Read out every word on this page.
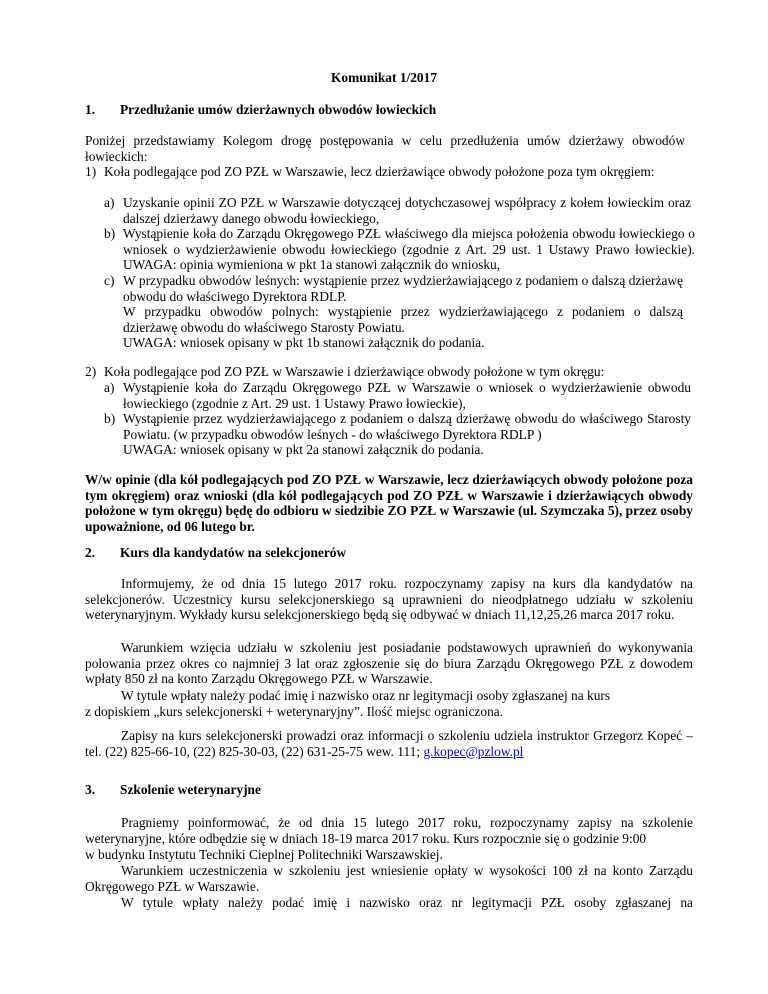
Komunikat 1/2017
1. Przedłużanie umów dzierżawnych obwodów łowieckich
Poniżej przedstawiamy Kolegom drogę postępowania w celu przedłużenia umów dzierżawy obwodów łowieckich:
1) Koła podlegające pod ZO PZŁ w Warszawie, lecz dzierżawiące obwody położone poza tym okręgiem:
a) Uzyskanie opinii ZO PZŁ w Warszawie dotyczącej dotychczasowej współpracy z kołem łowieckim oraz dalszej dzierżawy danego obwodu łowieckiego,
b) Wystąpienie koła do Zarządu Okręgowego PZŁ właściwego dla miejsca położenia obwodu łowieckiego o wniosek o wydzierżawienie obwodu łowieckiego (zgodnie z Art. 29 ust. 1 Ustawy Prawo łowieckie). UWAGA: opinia wymieniona w pkt 1a stanowi załącznik do wniosku,
c) W przypadku obwodów leśnych: wystąpienie przez wydzierżawiającego z podaniem o dalszą dzierżawę obwodu do właściwego Dyrektora RDLP.
W przypadku obwodów polnych: wystąpienie przez wydzierżawiającego z podaniem o dalszą dzierżawę obwodu do właściwego Starosty Powiatu.
UWAGA: wniosek opisany w pkt 1b stanowi załącznik do podania.
2) Koła podlegające pod ZO PZŁ w Warszawie i dzierżawiące obwody położone w tym okręgu:
a) Wystąpienie koła do Zarządu Okręgowego PZŁ w Warszawie o wniosek o wydzierżawienie obwodu łowieckiego (zgodnie z Art. 29 ust. 1 Ustawy Prawo łowieckie),
b) Wystąpienie przez wydzierżawiającego z podaniem o dalszą dzierżawę obwodu do właściwego Starosty Powiatu. (w przypadku obwodów leśnych - do właściwego Dyrektora RDLP )
UWAGA: wniosek opisany w pkt 2a stanowi załącznik do podania.
W/w opinie (dla kół podlegających pod ZO PZŁ w Warszawie, lecz dzierżawiących obwody położone poza tym okręgiem) oraz wnioski (dla kół podlegających pod ZO PZŁ w Warszawie i dzierżawiących obwody położone w tym okręgu) będę do odbioru w siedzibie ZO PZŁ w Warszawie (ul. Szymczaka 5), przez osoby upoważnione, od 06 lutego br.
2. Kurs dla kandydatów na selekcjonerów
Informujemy, że od dnia 15 lutego 2017 roku. rozpoczynamy zapisy na kurs dla kandydatów na selekcjonerów. Uczestnicy kursu selekcjonerskiego są uprawnieni do nieodpłatnego udziału w szkoleniu weterynaryjnym. Wykłady kursu selekcjonerskiego będą się odbywać w dniach 11,12,25,26 marca 2017 roku.
Warunkiem wzięcia udziału w szkoleniu jest posiadanie podstawowych uprawnień do wykonywania polowania przez okres co najmniej 3 lat oraz zgłoszenie się do biura Zarządu Okręgowego PZŁ z dowodem wpłaty 850 zł na konto Zarządu Okręgowego PZŁ w Warszawie.
W tytule wpłaty należy podać imię i nazwisko oraz nr legitymacji osoby zgłaszanej na kurs
z dopiskiem „kurs selekcjonerski + weterynaryjny”. Ilość miejsc ograniczona.
Zapisy na kurs selekcjonerski prowadzi oraz informacji o szkoleniu udziela instruktor Grzegorz Kopeć – tel. (22) 825-66-10, (22) 825-30-03, (22) 631-25-75 wew. 111; g.kopec@pzlow.pl
3. Szkolenie weterynaryjne
Pragniemy poinformować, że od dnia 15 lutego 2017 roku, rozpoczynamy zapisy na szkolenie weterynaryjne, które odbędzie się w dniach 18-19 marca 2017 roku. Kurs rozpocznie się o godzinie 9:00
w budynku Instytutu Techniki Cieplnej Politechniki Warszawskiej.
Warunkiem uczestniczenia w szkoleniu jest wniesienie opłaty w wysokości 100 zł na konto Zarządu Okręgowego PZŁ w Warszawie.
W tytule wpłaty należy podać imię i nazwisko oraz nr legitymacji PZŁ osoby zgłaszanej na
